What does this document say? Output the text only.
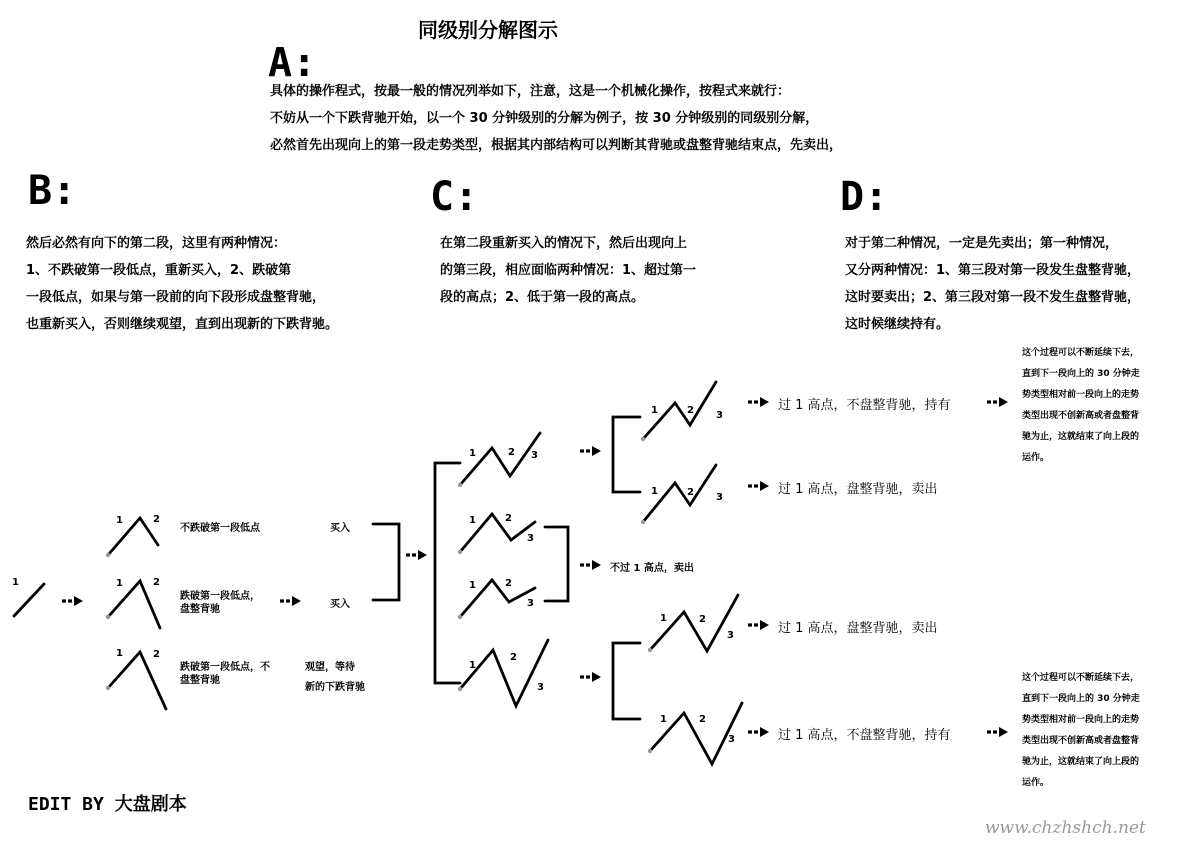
同级别分解图示
A:
具体的操作程式，按最一般的情况列举如下，注意，这是一个机械化操作，按程式来就行：
不妨从一个下跌背驰开始，以一个 30 分钟级别的分解为例子，按 30 分钟级别的同级别分解，
必然首先出现向上的第一段走势类型，根据其内部结构可以判断其背驰或盘整背驰结束点，先卖出，
B:
然后必然有向下的第二段，这里有两种情况：
1、不跌破第一段低点，重新买入，2、跌破第
一段低点，如果与第一段前的向下段形成盘整背驰，
也重新买入，否则继续观望，直到出现新的下跌背驰。
C:
在第二段重新买入的情况下，然后出现向上
的第三段，相应面临两种情况：1、超过第一
段的高点；2、低于第一段的高点。
D:
对于第二种情况，一定是先卖出；第一种情况，
又分两种情况：1、第三段对第一段发生盘整背驰，
这时要卖出；2、第三段对第一段不发生盘整背驰，
这时候继续持有。
1
1	2
1	2
1	2
1	2 3
1	2
3
1	2
3
1
2
3
1	2 3
1	2 3
1	2
3
1	2
3
不跌破第一段低点	买入
跌破第一段低点，
盘整背驰	买入
跌破第一段低点，不
盘整背驰
观望，等待
新的下跌背驰
不过 1 高点，卖出
过 1 高点，不盘整背驰，持有
过 1 高点，盘整背驰，卖出
过 1 高点，盘整背驰，卖出
过 1 高点，不盘整背驰，持有
这个过程可以不断延续下去，
直到下一段向上的 30 分钟走
势类型相对前一段向上的走势
类型出现不创新高或者盘整背
驰为止，这就结束了向上段的
运作。
这个过程可以不断延续下去，
直到下一段向上的 30 分钟走
势类型相对前一段向上的走势
类型出现不创新高或者盘整背
驰为止，这就结束了向上段的
运作。
EDIT BY 大盘剧本
www.chzhshch.net
